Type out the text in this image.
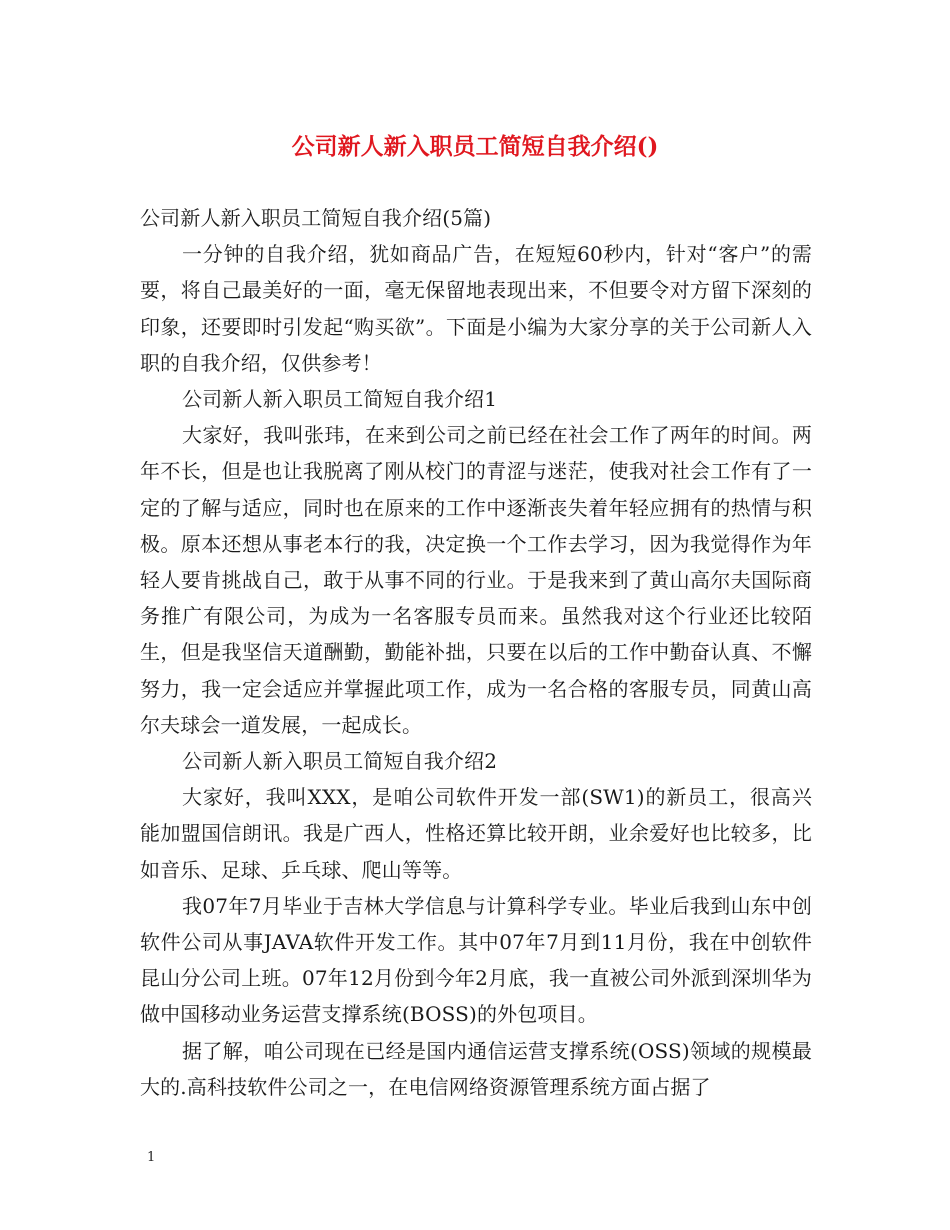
公司新人新入职员工简短自我介绍()

公司新人新入职员工简短自我介绍(5篇)

一分钟的自我介绍，犹如商品广告，在短短60秒内，针对“客户”的需要，将自己最美好的一面，毫无保留地表现出来，不但要令对方留下深刻的印象，还要即时引发起“购买欲”。下面是小编为大家分享的关于公司新人入职的自我介绍，仅供参考！

公司新人新入职员工简短自我介绍1

大家好，我叫张玮，在来到公司之前已经在社会工作了两年的时间。两年不长，但是也让我脱离了刚从校门的青涩与迷茫，使我对社会工作有了一定的了解与适应，同时也在原来的工作中逐渐丧失着年轻应拥有的热情与积极。原本还想从事老本行的我，决定换一个工作去学习，因为我觉得作为年轻人要肯挑战自己，敢于从事不同的行业。于是我来到了黄山高尔夫国际商务推广有限公司，为成为一名客服专员而来。虽然我对这个行业还比较陌生，但是我坚信天道酬勤，勤能补拙，只要在以后的工作中勤奋认真、不懈努力，我一定会适应并掌握此项工作，成为一名合格的客服专员，同黄山高尔夫球会一道发展，一起成长。

公司新人新入职员工简短自我介绍2

大家好，我叫XXX，是咱公司软件开发一部(SW1)的新员工，很高兴能加盟国信朗讯。我是广西人，性格还算比较开朗，业余爱好也比较多，比如音乐、足球、乒乓球、爬山等等。

我07年7月毕业于吉林大学信息与计算科学专业。毕业后我到山东中创软件公司从事JAVA软件开发工作。其中07年7月到11月份，我在中创软件昆山分公司上班。07年12月份到今年2月底，我一直被公司外派到深圳华为做中国移动业务运营支撑系统(BOSS)的外包项目。

据了解，咱公司现在已经是国内通信运营支撑系统(OSS)领域的规模最大的.高科技软件公司之一，在电信网络资源管理系统方面占据了

1
